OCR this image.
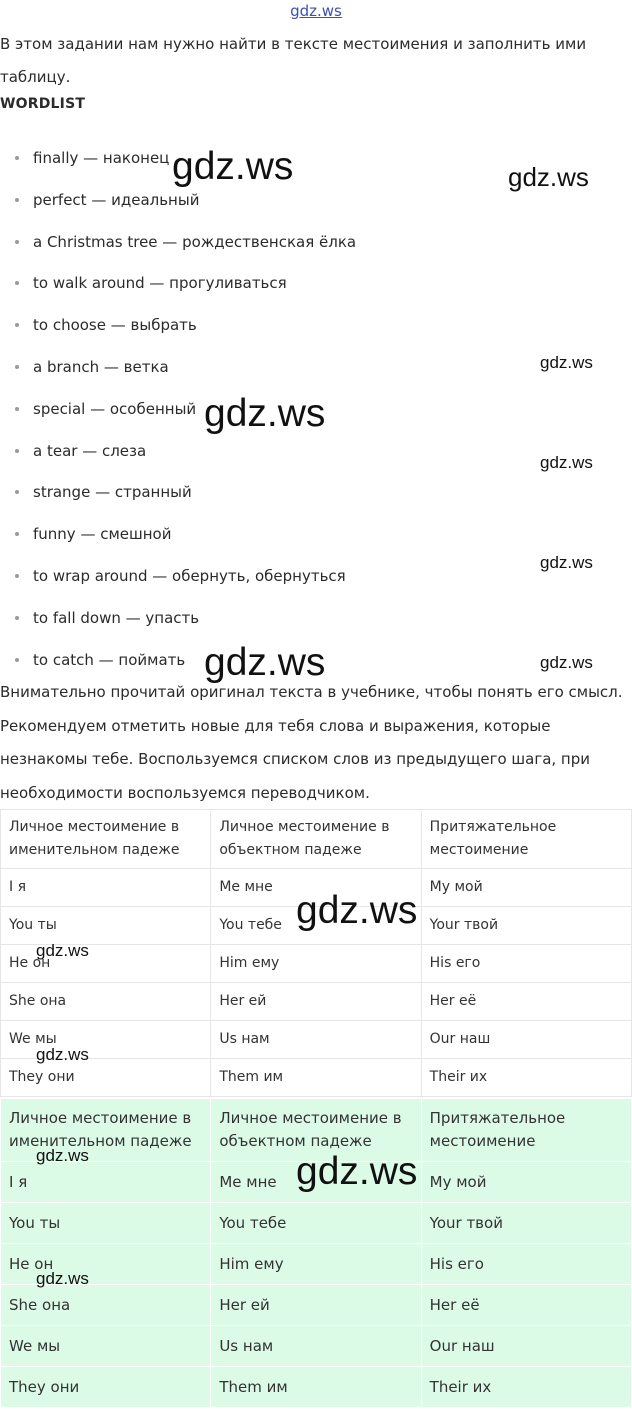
gdz.ws

В этом задании нам нужно найти в тексте местоимения и заполнить ими таблицу.

WORDLIST
finally — наконец
perfect — идеальный
a Christmas tree — рождественская ёлка
to walk around — прогуливаться
to choose — выбрать
a branch — ветка
special — особенный
a tear — слеза
strange — странный
funny — смешной
to wrap around — обернуть, обернуться
to fall down — упасть
to catch — поймать

Внимательно прочитай оригинал текста в учебнике, чтобы понять его смысл. Рекомендуем отметить новые для тебя слова и выражения, которые незнакомы тебе. Воспользуемся списком слов из предыдущего шага, при необходимости воспользуемся переводчиком.

Личное местоимение в именительном падеже	Личное местоимение в объектном падеже	Притяжательное местоимение
I я	Me мне	My мой
You ты	You тебе	Your твой
He он	Him ему	His его
She она	Her ей	Her её
We мы	Us нам	Our наш
They они	Them им	Their их
Личное местоимение в именительном падеже	Личное местоимение в объектном падеже	Притяжательное местоимение
I я	Me мне	My мой
You ты	You тебе	Your твой
He он	Him ему	His его
She она	Her ей	Her её
We мы	Us нам	Our наш
They они	Them им	Their их
gdz.ws	gdz.ws
gdz.ws
gdz.ws
gdz.ws
gdz.ws
gdz.ws	gdz.ws
gdz.ws
gdz.ws
gdz.ws
gdz.ws	gdz.ws
gdz.ws
